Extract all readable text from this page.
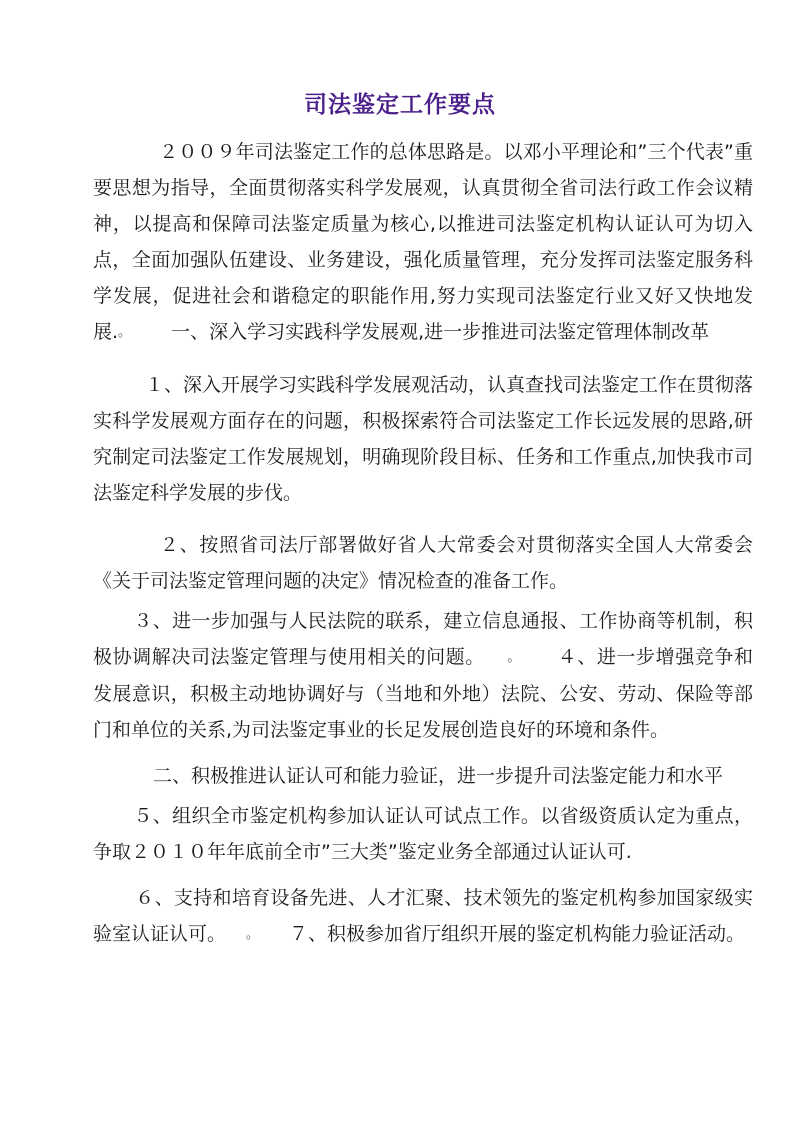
司法鉴定工作要点

２００９年司法鉴定工作的总体思路是。以邓小平理论和”三个代表”重要思想为指导，全面贯彻落实科学发展观，认真贯彻全省司法行政工作会议精神，以提高和保障司法鉴定质量为核心,以推进司法鉴定机构认证认可为切入点，全面加强队伍建设、业务建设，强化质量管理，充分发挥司法鉴定服务科学发展，促进社会和谐稳定的职能作用,努力实现司法鉴定行业又好又快地发展.。 一、深入学习实践科学发展观,进一步推进司法鉴定管理体制改革

１、深入开展学习实践科学发展观活动，认真查找司法鉴定工作在贯彻落实科学发展观方面存在的问题，积极探索符合司法鉴定工作长远发展的思路,研究制定司法鉴定工作发展规划，明确现阶段目标、任务和工作重点,加快我市司法鉴定科学发展的步伐。

２、按照省司法厅部署做好省人大常委会对贯彻落实全国人大常委会《关于司法鉴定管理问题的决定》情况检查的准备工作。

３、进一步加强与人民法院的联系，建立信息通报、工作协商等机制，积极协调解决司法鉴定管理与使用相关的问题。 。 ４、进一步增强竞争和发展意识，积极主动地协调好与（当地和外地）法院、公安、劳动、保险等部门和单位的关系,为司法鉴定事业的长足发展创造良好的环境和条件。

二、积极推进认证认可和能力验证，进一步提升司法鉴定能力和水平

５、组织全市鉴定机构参加认证认可试点工作。以省级资质认定为重点，争取２０１０年年底前全市”三大类”鉴定业务全部通过认证认可.

６、支持和培育设备先进、人才汇聚、技术领先的鉴定机构参加国家级实验室认证认可。 。 ７、积极参加省厅组织开展的鉴定机构能力验证活动。
